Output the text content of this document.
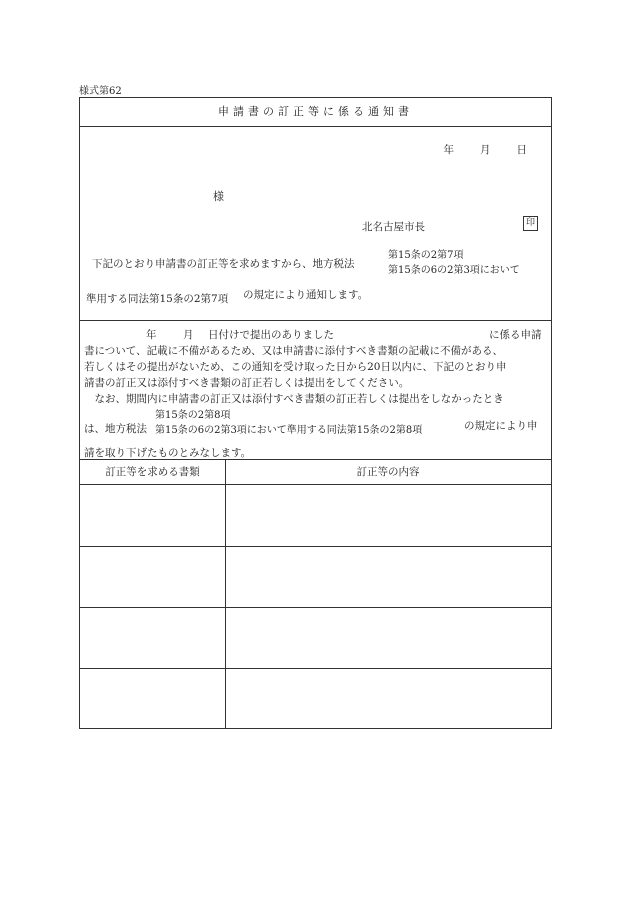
様式第62
申請書の訂正等に係る通知書
年 月 日
様
北名古屋市長	印
下記のとおり申請書の訂正等を求めますから、地方税法
第15条の2第7項
第15条の6の2第3項において
準用する同法第15条の2第7項 の規定により通知します。
年	月 日付けで提出のありました	に係る申請
書について、記載に不備があるため、又は申請書に添付すべき書類の記載に不備がある、
若しくはその提出がないため、この通知を受け取った日から20日以内に、下記のとおり申
請書の訂正又は添付すべき書類の訂正若しくは提出をしてください。
　なお、期間内に申請書の訂正又は添付すべき書類の訂正若しくは提出をしなかったとき
は、地方税法
第15条の2第8項
第15条の6の2第3項において準用する同法第15条の2第8項	の規定により申
請を取り下げたものとみなします。
訂正等を求める書類	訂正等の内容
